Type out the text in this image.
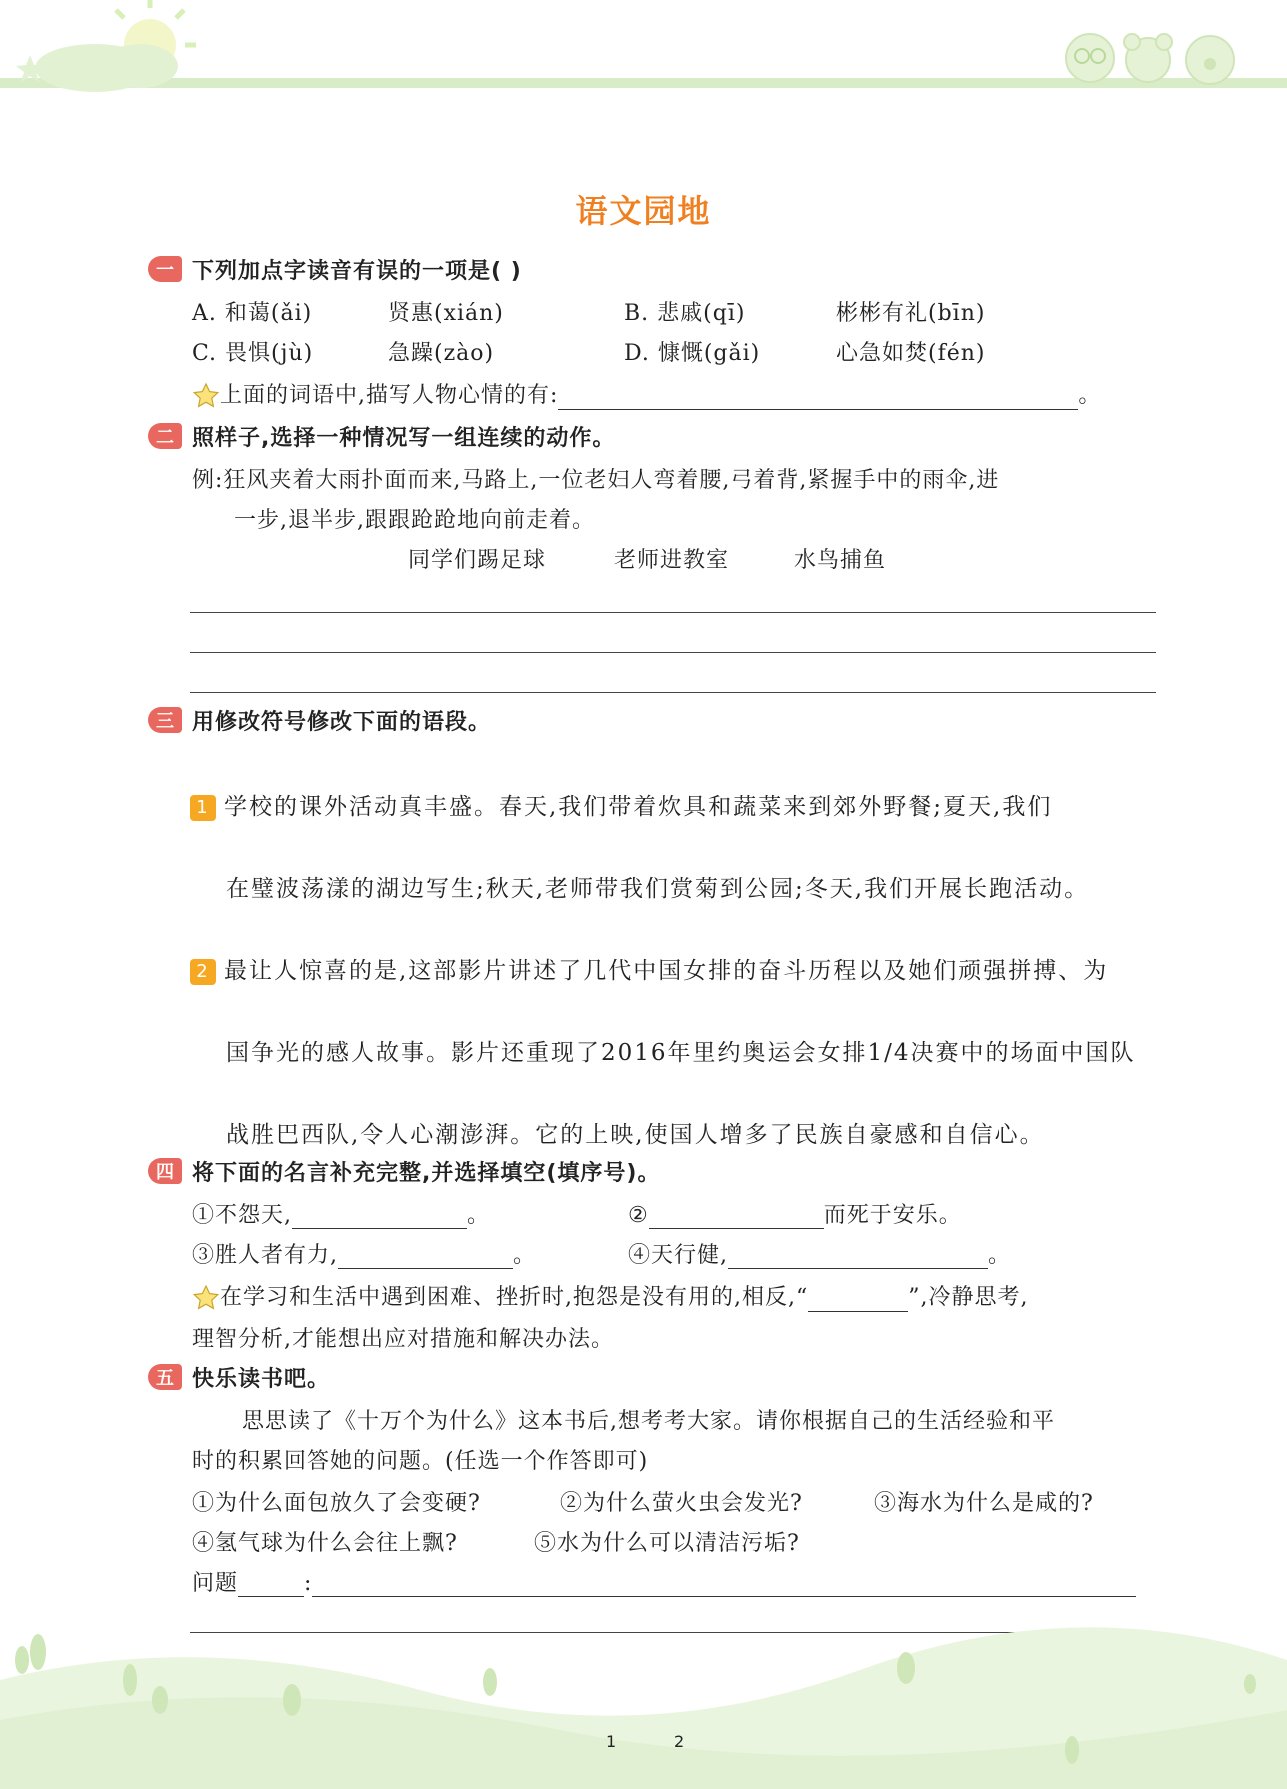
语文园地
一 下列加点字读音有误的一项是( )
A. 和蔼(ǎi)	贤惠(xián)	B. 悲戚(qī)	彬彬有礼(bīn)
C. 畏惧(jù)	急躁(zào)	D. 慷慨(gǎi)	心急如焚(fén)
上面的词语中,描写人物心情的有:	。
二 照样子,选择一种情况写一组连续的动作。
例:狂风夹着大雨扑面而来,马路上,一位老妇人弯着腰,弓着背,紧握手中的雨伞,进
一步,退半步,跟跟跄跄地向前走着。
同学们踢足球	老师进教室	水鸟捕鱼
三 用修改符号修改下面的语段。
1 学校的课外活动真丰盛。春天,我们带着炊具和蔬菜来到郊外野餐;夏天,我们
在璧波荡漾的湖边写生;秋天,老师带我们赏菊到公园;冬天,我们开展长跑活动。
2 最让人惊喜的是,这部影片讲述了几代中国女排的奋斗历程以及她们顽强拼搏、为
国争光的感人故事。影片还重现了2016年里约奥运会女排1/4决赛中的场面中国队
战胜巴西队,令人心潮澎湃。它的上映,使国人增多了民族自豪感和自信心。
四 将下面的名言补充完整,并选择填空(填序号)。
①不怨天,	。	②	而死于安乐。
③胜人者有力,	。	④天行健,	。
在学习和生活中遇到困难、挫折时,抱怨是没有用的,相反,“	”,冷静思考,
理智分析,才能想出应对措施和解决办法。
五 快乐读书吧。
思思读了《十万个为什么》这本书后,想考考大家。请你根据自己的生活经验和平
时的积累回答她的问题。(任选一个作答即可)
①为什么面包放久了会变硬?	②为什么萤火虫会发光?	③海水为什么是咸的?
④氢气球为什么会往上飘?	⑤水为什么可以清洁污垢?
问题	:
1	2
